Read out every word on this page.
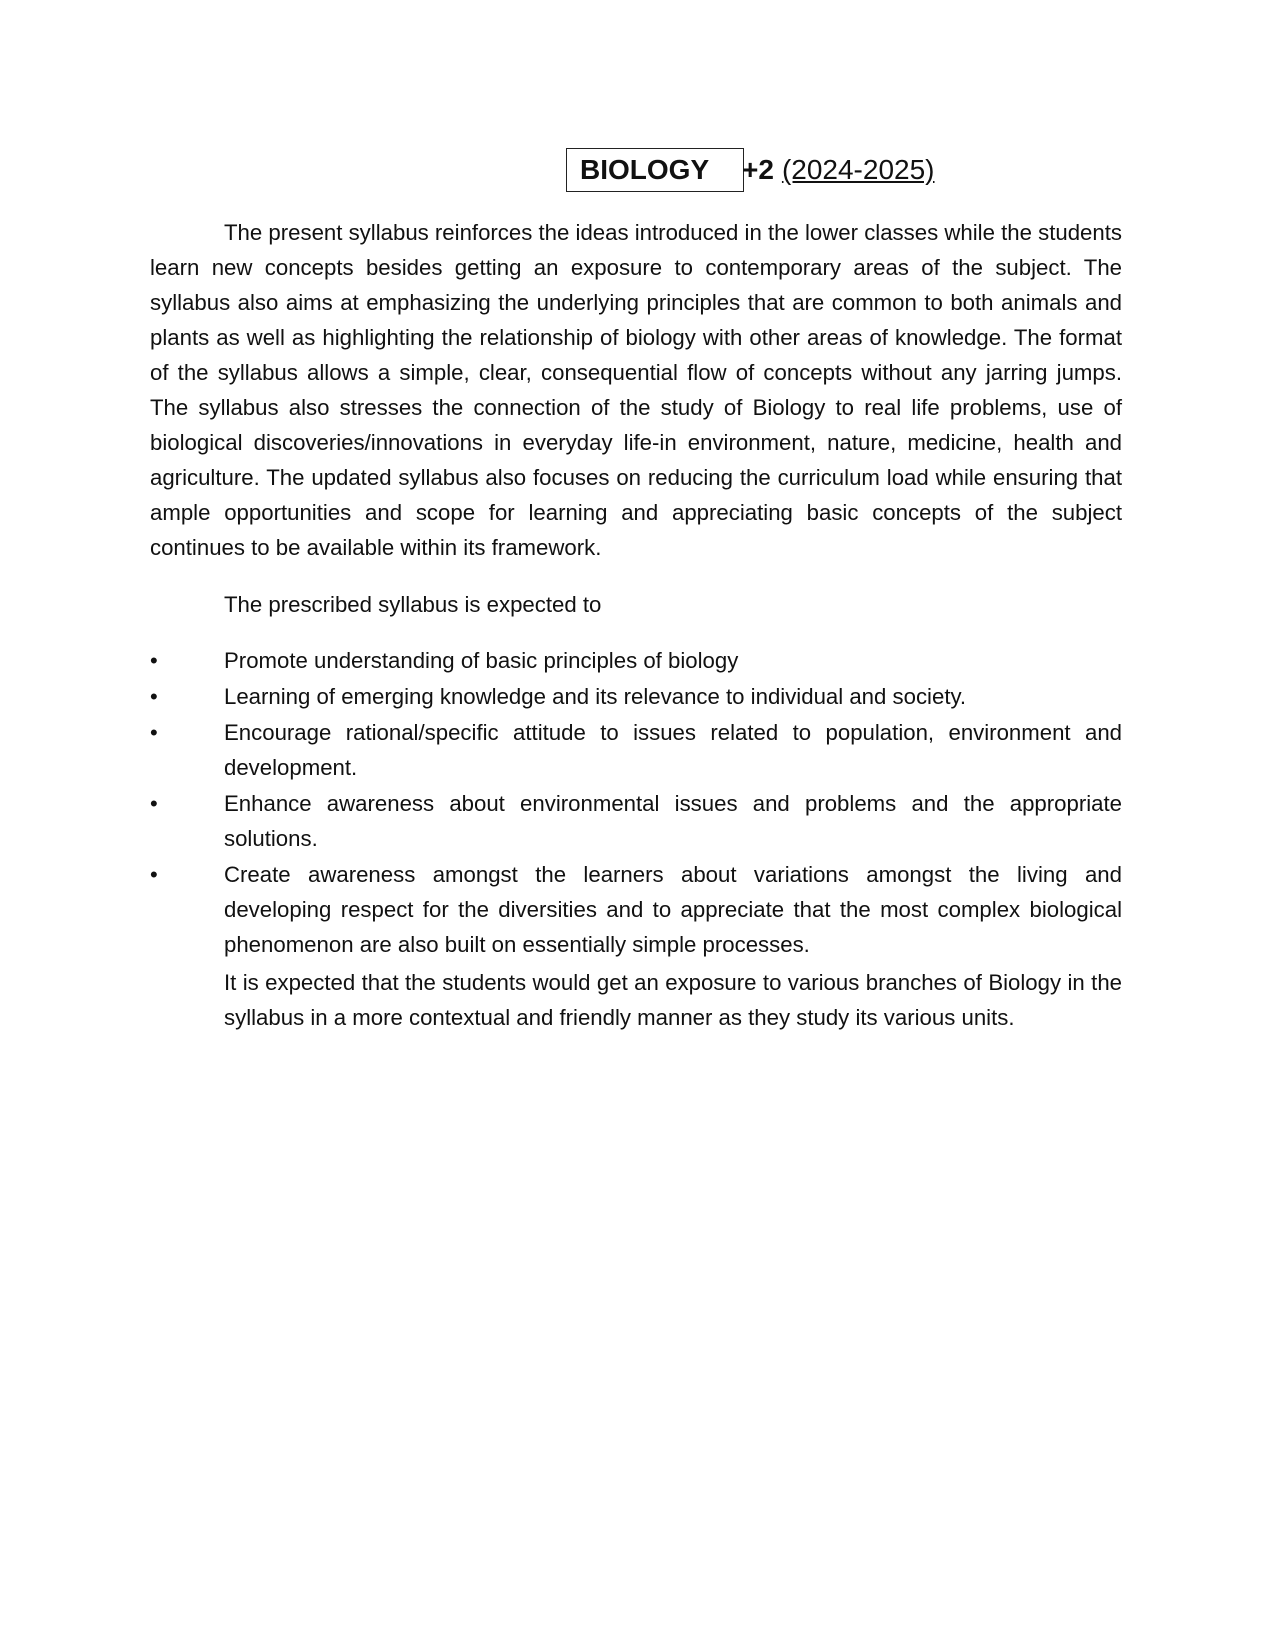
BIOLOGY +2 (2024-2025)

The present syllabus reinforces the ideas introduced in the lower classes while the students learn new concepts besides getting an exposure to contemporary areas of the subject. The syllabus also aims at emphasizing the underlying principles that are common to both animals and plants as well as highlighting the relationship of biology with other areas of knowledge. The format of the syllabus allows a simple, clear, consequential flow of concepts without any jarring jumps. The syllabus also stresses the connection of the study of Biology to real life problems, use of biological discoveries/innovations in everyday life-in environment, nature, medicine, health and agriculture. The updated syllabus also focuses on reducing the curriculum load while ensuring that ample opportunities and scope for learning and appreciating basic concepts of the subject continues to be available within its framework.

The prescribed syllabus is expected to

•	Promote understanding of basic principles of biology
•	Learning of emerging knowledge and its relevance to individual and society.
•	Encourage rational/specific attitude to issues related to population, environment and development.
•	Enhance awareness about environmental issues and problems and the appropriate solutions.
•	Create awareness amongst the learners about variations amongst the living and developing respect for the diversities and to appreciate that the most complex biological phenomenon are also built on essentially simple processes.

It is expected that the students would get an exposure to various branches of Biology in the syllabus in a more contextual and friendly manner as they study its various units.
